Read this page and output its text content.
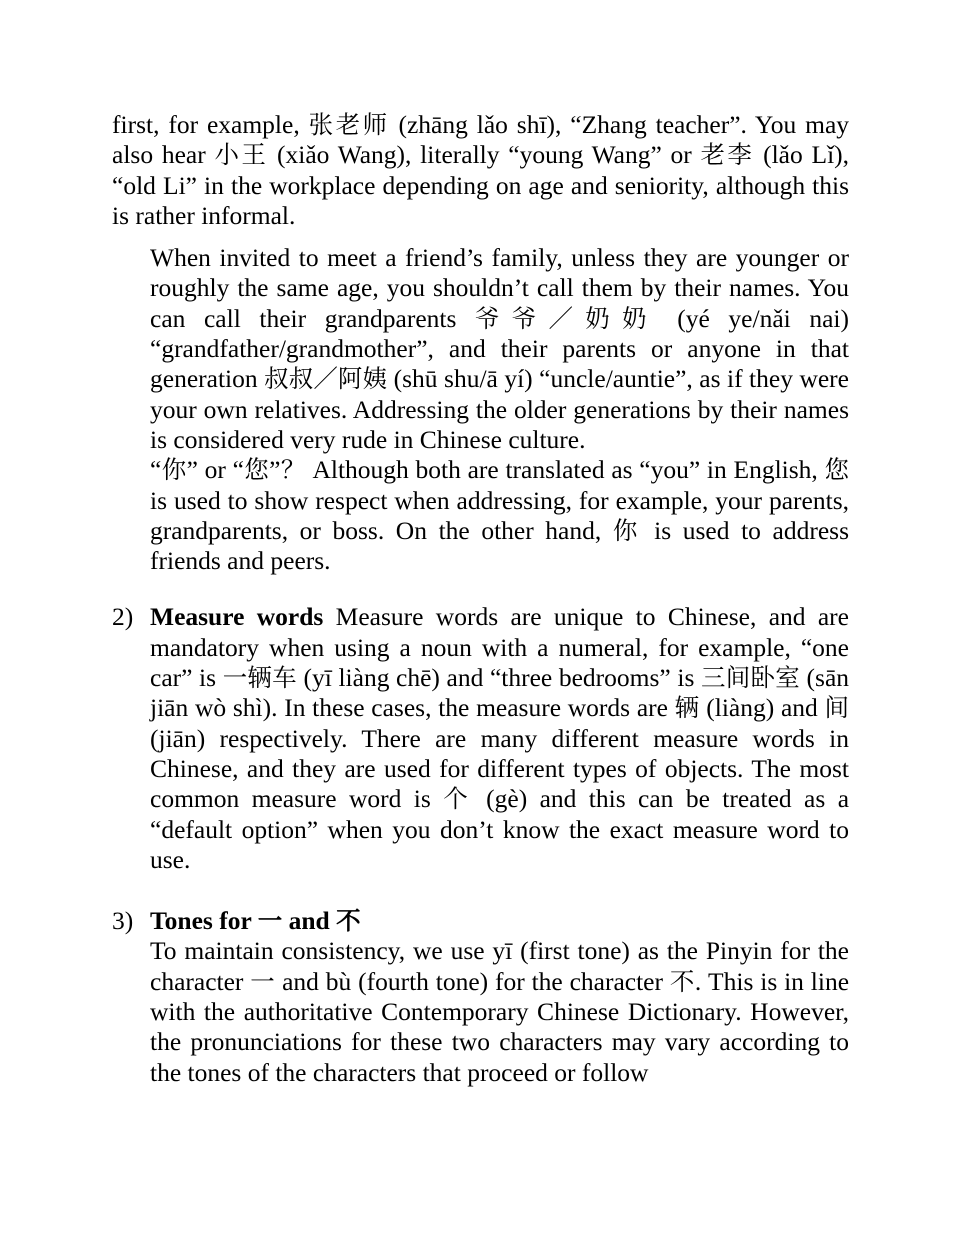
first, for example, 张老师 (zhāng lǎo shī), “Zhang teacher”. You may also hear 小王 (xiǎo Wang), literally “young Wang” or 老李 (lǎo Lǐ), “old Li” in the workplace depending on age and seniority, although this is rather informal.

When invited to meet a friend’s family, unless they are younger or roughly the same age, you shouldn’t call them by their names. You can call their grandparents 爷爷／奶奶 (yé ye/nǎi nai) “grandfather/grandmother”, and their parents or anyone in that generation 叔叔／阿姨 (shū shu/ā yí) “uncle/auntie”, as if they were your own relatives. Addressing the older generations by their names is considered very rude in Chinese culture.

“你” or “您”？ Although both are translated as “you” in English, 您 is used to show respect when addressing, for example, your parents, grandparents, or boss. On the other hand, 你 is used to address friends and peers.

2) Measure words Measure words are unique to Chinese, and are mandatory when using a noun with a numeral, for example, “one car” is 一辆车 (yī liàng chē) and “three bedrooms” is 三间卧室 (sān jiān wò shì). In these cases, the measure words are 辆 (liàng) and 间 (jiān) respectively. There are many different measure words in Chinese, and they are used for different types of objects. The most common measure word is 个 (gè) and this can be treated as a “default option” when you don’t know the exact measure word to use.

3) Tones for 一 and 不

To maintain consistency, we use yī (first tone) as the Pinyin for the character 一 and bù (fourth tone) for the character 不. This is in line with the authoritative Contemporary Chinese Dictionary. However, the pronunciations for these two characters may vary according to the tones of the characters that proceed or follow
